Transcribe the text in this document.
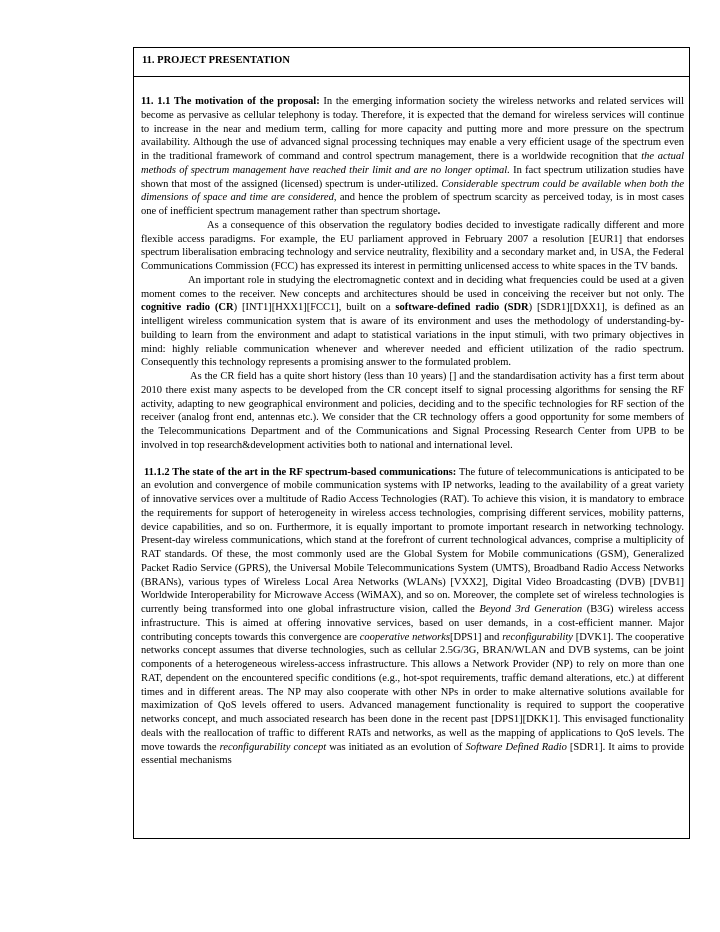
11. PROJECT PRESENTATION

11. 1.1 The motivation of the proposal: In the emerging information society the wireless networks and related services will become as pervasive as cellular telephony is today. Therefore, it is expected that the demand for wireless services will continue to increase in the near and medium term, calling for more capacity and putting more and more pressure on the spectrum availability. Although the use of advanced signal processing techniques may enable a very efficient usage of the spectrum even in the traditional framework of command and control spectrum management, there is a worldwide recognition that the actual methods of spectrum management have reached their limit and are no longer optimal. In fact spectrum utilization studies have shown that most of the assigned (licensed) spectrum is under-utilized. Considerable spectrum could be available when both the dimensions of space and time are considered, and hence the problem of spectrum scarcity as perceived today, is in most cases one of inefficient spectrum management rather than spectrum shortage.

As a consequence of this observation the regulatory bodies decided to investigate radically different and more flexible access paradigms. For example, the EU parliament approved in February 2007 a resolution [EUR1] that endorses spectrum liberalisation embracing technology and service neutrality, flexibility and a secondary market and, in USA, the Federal Communications Commission (FCC) has expressed its interest in permitting unlicensed access to white spaces in the TV bands.

An important role in studying the electromagnetic context and in deciding what frequencies could be used at a given moment comes to the receiver. New concepts and architectures should be used in conceiving the receiver but not only. The cognitive radio (CR) [INT1][HXX1][FCC1], built on a software-defined radio (SDR) [SDR1][DXX1], is defined as an intelligent wireless communication system that is aware of its environment and uses the methodology of understanding-by-building to learn from the environment and adapt to statistical variations in the input stimuli, with two primary objectives in mind: highly reliable communication whenever and wherever needed and efficient utilization of the radio spectrum. Consequently this technology represents a promising answer to the formulated problem.

As the CR field has a quite short history (less than 10 years) [] and the standardisation activity has a first term about 2010 there exist many aspects to be developed from the CR concept itself to signal processing algorithms for sensing the RF activity, adapting to new geographical environment and policies, deciding and to the specific technologies for RF section of the receiver (analog front end, antennas etc.). We consider that the CR technology offers a good opportunity for some members of the Telecommunications Department and of the Communications and Signal Processing Research Center from UPB to be involved in top research&development activities both to national and international level.

11.1.2 The state of the art in the RF spectrum-based communications: The future of telecommunications is anticipated to be an evolution and convergence of mobile communication systems with IP networks, leading to the availability of a great variety of innovative services over a multitude of Radio Access Technologies (RAT). To achieve this vision, it is mandatory to embrace the requirements for support of heterogeneity in wireless access technologies, comprising different services, mobility patterns, device capabilities, and so on. Furthermore, it is equally important to promote important research in networking technology. Present-day wireless communications, which stand at the forefront of current technological advances, comprise a multiplicity of RAT standards. Of these, the most commonly used are the Global System for Mobile communications (GSM), Generalized Packet Radio Service (GPRS), the Universal Mobile Telecommunications System (UMTS), Broadband Radio Access Networks (BRANs), various types of Wireless Local Area Networks (WLANs) [VXX2], Digital Video Broadcasting (DVB) [DVB1] Worldwide Interoperability for Microwave Access (WiMAX), and so on. Moreover, the complete set of wireless technologies is currently being transformed into one global infrastructure vision, called the Beyond 3rd Generation (B3G) wireless access infrastructure. This is aimed at offering innovative services, based on user demands, in a cost-efficient manner. Major contributing concepts towards this convergence are cooperative networks[DPS1] and reconfigurability [DVK1]. The cooperative networks concept assumes that diverse technologies, such as cellular 2.5G/3G, BRAN/WLAN and DVB systems, can be joint components of a heterogeneous wireless-access infrastructure. This allows a Network Provider (NP) to rely on more than one RAT, dependent on the encountered specific conditions (e.g., hot-spot requirements, traffic demand alterations, etc.) at different times and in different areas. The NP may also cooperate with other NPs in order to make alternative solutions available for maximization of QoS levels offered to users. Advanced management functionality is required to support the cooperative networks concept, and much associated research has been done in the recent past [DPS1][DKK1]. This envisaged functionality deals with the reallocation of traffic to different RATs and networks, as well as the mapping of applications to QoS levels. The move towards the reconfigurability concept was initiated as an evolution of Software Defined Radio [SDR1]. It aims to provide essential mechanisms
